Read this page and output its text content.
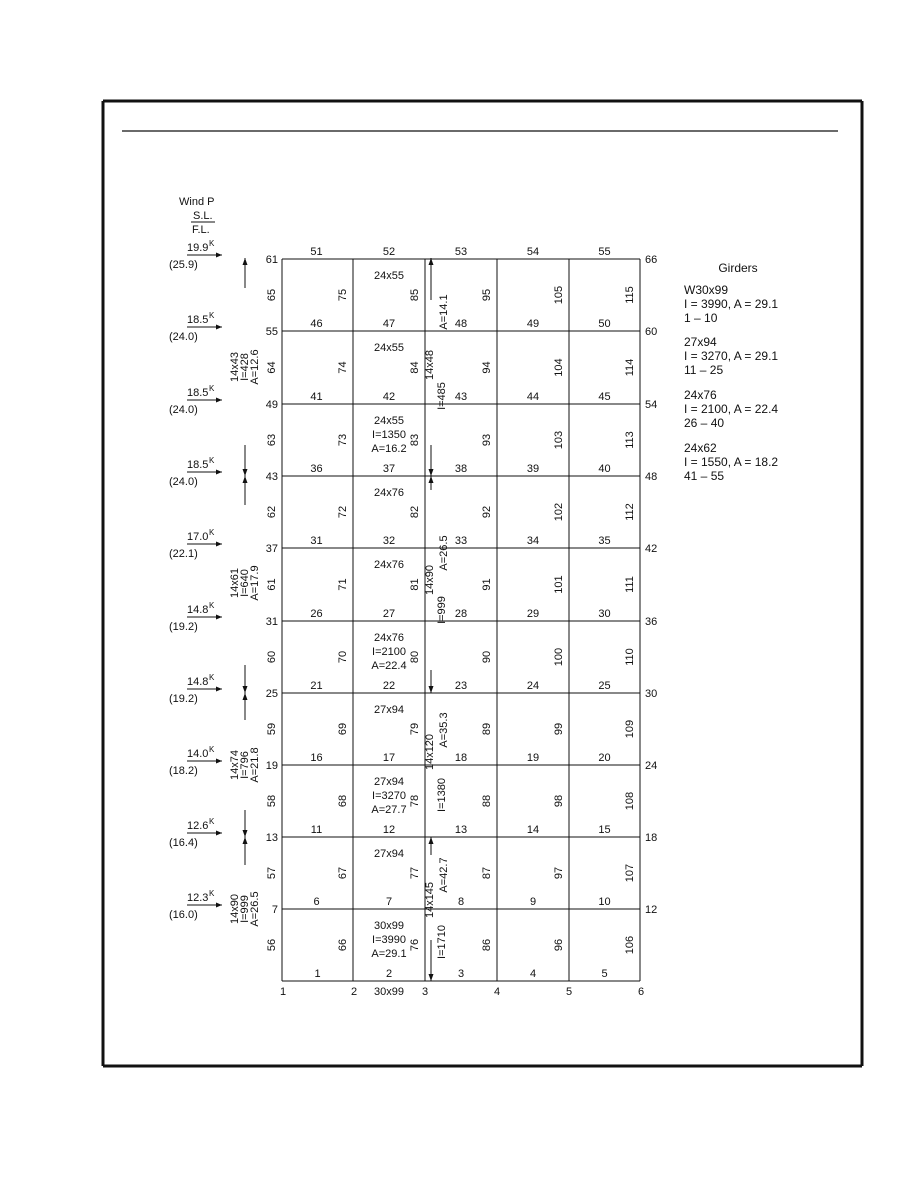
Wind P
S.L.
F.L.
51	52	53	54	55
46	47	48	49	50
41	42	43	44	45
36	37	38	39	40
31	32	33	34	35
26	27	28	29	30
21	22	23	24	25
16	17	18	19	20
11	12	13	14	15
6	7	8	9	10
1	2	3	4	5
65	75	85	95	105	115
64	74	84	94	104	114
63	73	83	93	103	113
62	72	82	92	102	112
61	71	81	91	101	111
60	70	80	90	100	110
59	69	79	89	99	109
58	68	78	88	98	108
57	67	77	87	97	107
56	66	76	86	96	106
61	66
55	60
49	54
43	48
37	42
31	36
25	30
19	24
13	18
7	12
19.9 K
(25.9)
18.5 K
(24.0)
18.5 K
(24.0)
18.5 K
(24.0)
17.0 K
(22.1)
14.8 K
(19.2)
14.8 K
(19.2)
14.0 K
(18.2)
12.6 K
(16.4)
12.3 K
(16.0)
24x55
24x55
24x55
I=1350
A=16.2
24x76
24x76
24x76
I=2100
A=22.4
27x94
27x94
I=3270
A=27.7
27x94
30x99
I=3990
A=29.1
14x43
I=428
A=12.6
14x61
I=640
A=17.9
14x74
I=796
A=21.8
14x90
I=999
A=26.5
14x48
A=14.1
I=485
14x90
A=26.5
I=999
14x120
A=35.3
I=1380
14x145
A=42.7
I=1710
1	2	3	4	5	6
30x99
Girders
W30x99
I = 3990, A = 29.1
1 – 10
27x94
I = 3270, A = 29.1
11 – 25
24x76
I = 2100, A = 22.4
26 – 40
24x62
I = 1550, A = 18.2
41 – 55
